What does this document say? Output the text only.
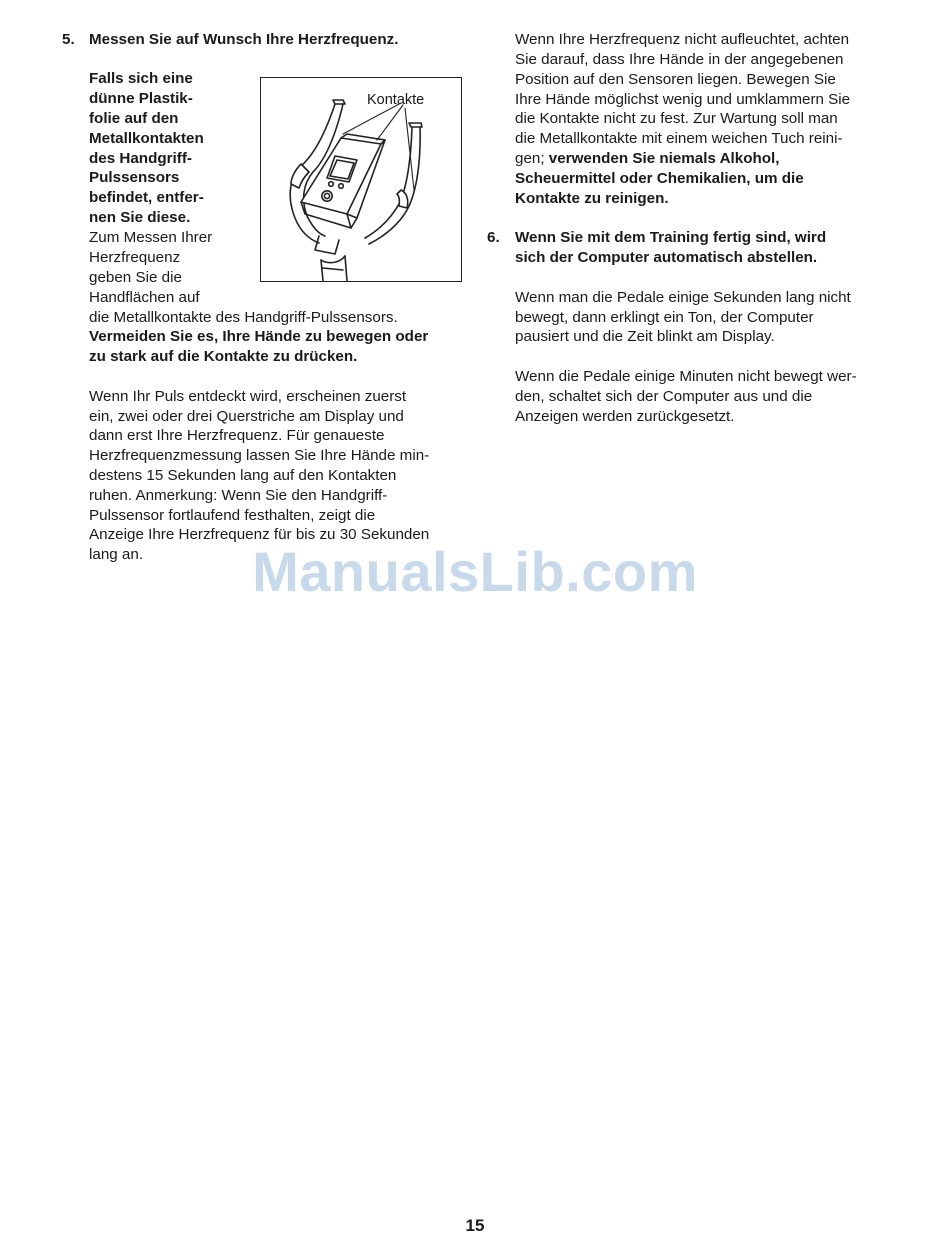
5. Messen Sie auf Wunsch Ihre Herzfrequenz.
Falls sich eine
dünne Plastik-
folie auf den
Metallkontakten
des Handgriff-
Pulssensors
befindet, entfer-
nen Sie diese.
Zum Messen Ihrer
Herzfrequenz
geben Sie die
Handflächen auf
die Metallkontakte des Handgriff-Pulssensors.
Vermeiden Sie es, Ihre Hände zu bewegen oder
zu stark auf die Kontakte zu drücken.
Wenn Ihr Puls entdeckt wird, erscheinen zuerst
ein, zwei oder drei Querstriche am Display und
dann erst Ihre Herzfrequenz. Für genaueste
Herzfrequenzmessung lassen Sie Ihre Hände min-
destens 15 Sekunden lang auf den Kontakten
ruhen. Anmerkung: Wenn Sie den Handgriff-
Pulssensor fortlaufend festhalten, zeigt die
Anzeige Ihre Herzfrequenz für bis zu 30 Sekunden
lang an.
Kontakte
Wenn Ihre Herzfrequenz nicht aufleuchtet, achten
Sie darauf, dass Ihre Hände in der angegebenen
Position auf den Sensoren liegen. Bewegen Sie
Ihre Hände möglichst wenig und umklammern Sie
die Kontakte nicht zu fest. Zur Wartung soll man
die Metallkontakte mit einem weichen Tuch reini-
gen; verwenden Sie niemals Alkohol,
Scheuermittel oder Chemikalien, um die
Kontakte zu reinigen.
6. Wenn Sie mit dem Training fertig sind, wird
sich der Computer automatisch abstellen.
Wenn man die Pedale einige Sekunden lang nicht
bewegt, dann erklingt ein Ton, der Computer
pausiert und die Zeit blinkt am Display.
Wenn die Pedale einige Minuten nicht bewegt wer-
den, schaltet sich der Computer aus und die
Anzeigen werden zurückgesetzt.
ManualsLib.com
15
